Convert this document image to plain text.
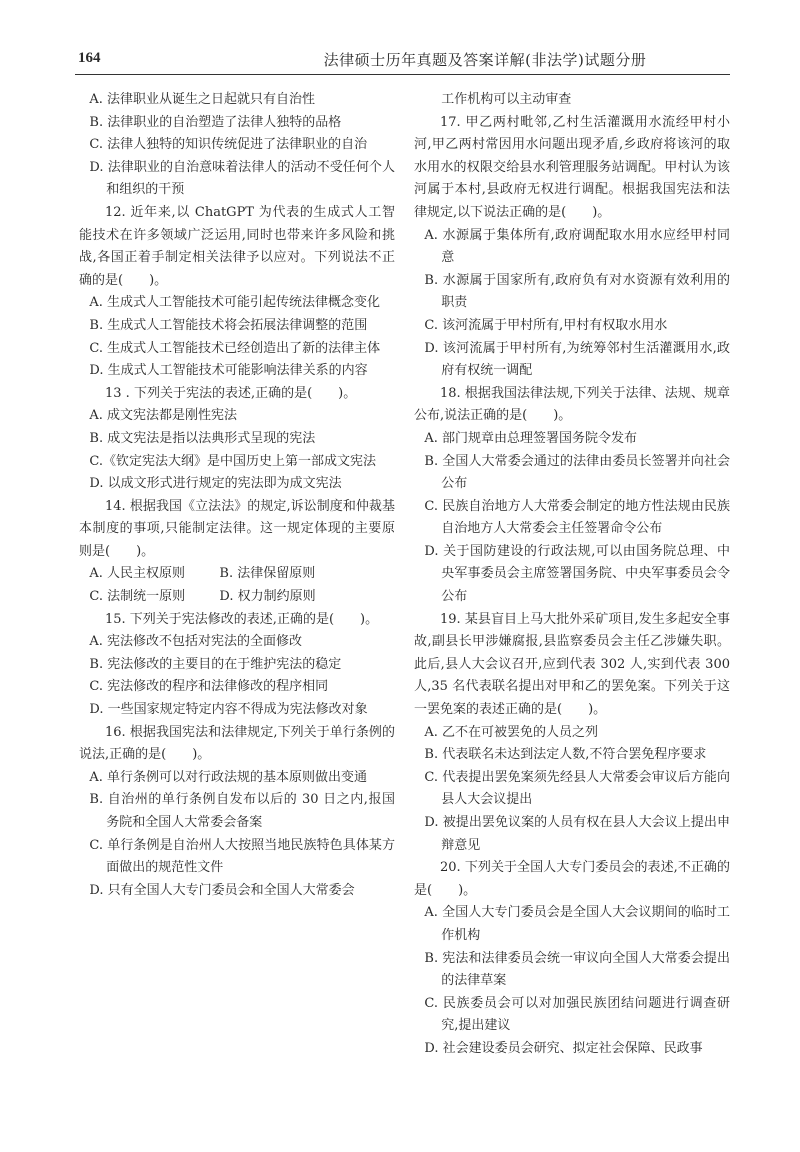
164	法律硕士历年真题及答案详解(非法学)试题分册

A. 法律职业从诞生之日起就只有自治性

B. 法律职业的自治塑造了法律人独特的品格

C. 法律人独特的知识传统促进了法律职业的自治

D. 法律职业的自治意味着法律人的活动不受任何个人和组织的干预

12. 近年来,以 ChatGPT 为代表的生成式人工智能技术在许多领域广泛运用,同时也带来许多风险和挑战,各国正着手制定相关法律予以应对。下列说法不正确的是(　　)。

A. 生成式人工智能技术可能引起传统法律概念变化

B. 生成式人工智能技术将会拓展法律调整的范围

C. 生成式人工智能技术已经创造出了新的法律主体

D. 生成式人工智能技术可能影响法律关系的内容

13 . 下列关于宪法的表述,正确的是(　　)。

A. 成文宪法都是刚性宪法

B. 成文宪法是指以法典形式呈现的宪法

C.《钦定宪法大纲》是中国历史上第一部成文宪法

D. 以成文形式进行规定的宪法即为成文宪法

14. 根据我国《立法法》的规定,诉讼制度和仲裁基本制度的事项,只能制定法律。这一规定体现的主要原则是(　　)。

A. 人民主权原则	B. 法律保留原则
C. 法制统一原则	D. 权力制约原则

15. 下列关于宪法修改的表述,正确的是(　　)。

A. 宪法修改不包括对宪法的全面修改

B. 宪法修改的主要目的在于维护宪法的稳定

C. 宪法修改的程序和法律修改的程序相同

D. 一些国家规定特定内容不得成为宪法修改对象

16. 根据我国宪法和法律规定,下列关于单行条例的说法,正确的是(　　)。

A. 单行条例可以对行政法规的基本原则做出变通

B. 自治州的单行条例自发布以后的 30 日之内,报国务院和全国人大常委会备案

C. 单行条例是自治州人大按照当地民族特色具体某方面做出的规范性文件

D. 只有全国人大专门委员会和全国人大常委会

工作机构可以主动审查

17. 甲乙两村毗邻,乙村生活灌溉用水流经甲村小河,甲乙两村常因用水问题出现矛盾,乡政府将该河的取水用水的权限交给县水利管理服务站调配。甲村认为该河属于本村,县政府无权进行调配。根据我国宪法和法律规定,以下说法正确的是(　　)。

A. 水源属于集体所有,政府调配取水用水应经甲村同意

B. 水源属于国家所有,政府负有对水资源有效利用的职责

C. 该河流属于甲村所有,甲村有权取水用水

D. 该河流属于甲村所有,为统筹邻村生活灌溉用水,政府有权统一调配

18. 根据我国法律法规,下列关于法律、法规、规章公布,说法正确的是(　　)。

A. 部门规章由总理签署国务院令发布

B. 全国人大常委会通过的法律由委员长签署并向社会公布

C. 民族自治地方人大常委会制定的地方性法规由民族自治地方人大常委会主任签署命令公布

D. 关于国防建设的行政法规,可以由国务院总理、中央军事委员会主席签署国务院、中央军事委员会令公布

19. 某县盲目上马大批外采矿项目,发生多起安全事故,副县长甲涉嫌腐报,县监察委员会主任乙涉嫌失职。此后,县人大会议召开,应到代表 302 人,实到代表 300 人,35 名代表联名提出对甲和乙的罢免案。下列关于这一罢免案的表述正确的是(　　)。

A. 乙不在可被罢免的人员之列

B. 代表联名未达到法定人数,不符合罢免程序要求

C. 代表提出罢免案须先经县人大常委会审议后方能向县人大会议提出

D. 被提出罢免议案的人员有权在县人大会议上提出申辩意见

20. 下列关于全国人大专门委员会的表述,不正确的是(　　)。

A. 全国人大专门委员会是全国人大会议期间的临时工作机构

B. 宪法和法律委员会统一审议向全国人大常委会提出的法律草案

C. 民族委员会可以对加强民族团结问题进行调查研究,提出建议

D. 社会建设委员会研究、拟定社会保障、民政事
